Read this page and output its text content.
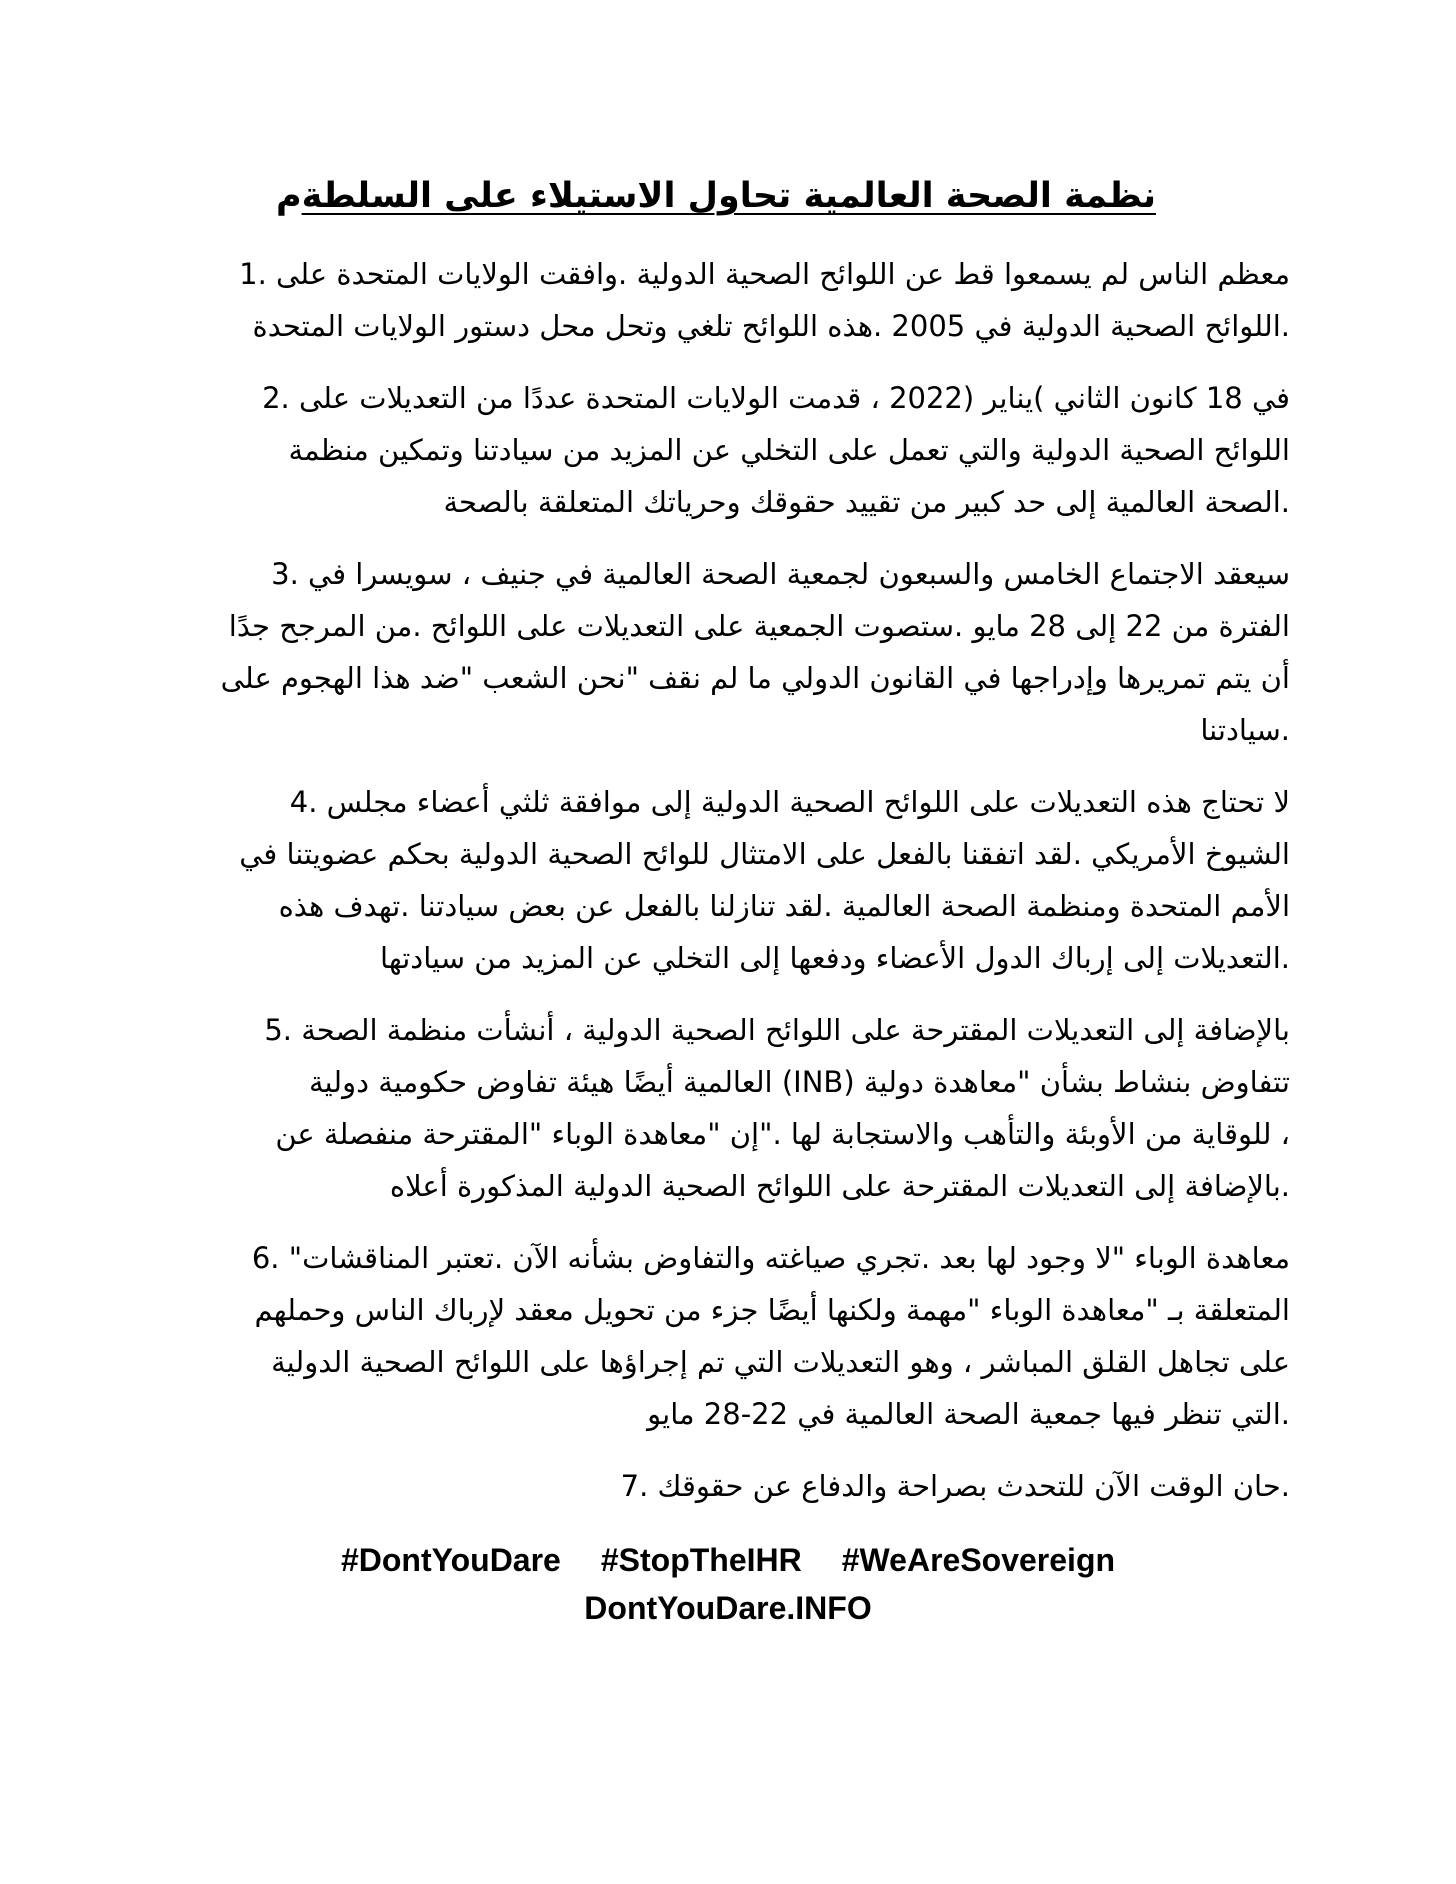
نظمة الصحة العالمية تحاول الاستيلاء على السلطةم
معظم الناس لم يسمعوا قط عن اللوائح الصحية الدولية .وافقت الولايات المتحدة على .1
.اللوائح الصحية الدولية في 2005 .هذه اللوائح تلغي وتحل محل دستور الولايات المتحدة
في 18 كانون الثاني )يناير (2022 ، قدمت الولايات المتحدة عددًا من التعديلات على .2
اللوائح الصحية الدولية والتي تعمل على التخلي عن المزيد من سيادتنا وتمكين منظمة
.الصحة العالمية إلى حد كبير من تقييد حقوقك وحرياتك المتعلقة بالصحة
سيعقد الاجتماع الخامس والسبعون لجمعية الصحة العالمية في جنيف ، سويسرا في .3
الفترة من 22 إلى 28 مايو .ستصوت الجمعية على التعديلات على اللوائح .من المرجح جدًا
أن يتم تمريرها وإدراجها في القانون الدولي ما لم نقف "نحن الشعب "ضد هذا الهجوم على
.سيادتنا
لا تحتاج هذه التعديلات على اللوائح الصحية الدولية إلى موافقة ثلثي أعضاء مجلس .4
الشيوخ الأمريكي .لقد اتفقنا بالفعل على الامتثال للوائح الصحية الدولية بحكم عضويتنا في
الأمم المتحدة ومنظمة الصحة العالمية .لقد تنازلنا بالفعل عن بعض سيادتنا .تهدف هذه
.التعديلات إلى إرباك الدول الأعضاء ودفعها إلى التخلي عن المزيد من سيادتها
بالإضافة إلى التعديلات المقترحة على اللوائح الصحية الدولية ، أنشأت منظمة الصحة .5
تتفاوض بنشاط بشأن "معاهدة دولية (INB) العالمية أيضًا هيئة تفاوض حكومية دولية
، للوقاية من الأوبئة والتأهب والاستجابة لها ."إن "معاهدة الوباء "المقترحة منفصلة عن
.بالإضافة إلى التعديلات المقترحة على اللوائح الصحية الدولية المذكورة أعلاه
معاهدة الوباء "لا وجود لها بعد .تجري صياغته والتفاوض بشأنه الآن .تعتبر المناقشات" .6
المتعلقة بـ "معاهدة الوباء "مهمة ولكنها أيضًا جزء من تحويل معقد لإرباك الناس وحملهم
على تجاهل القلق المباشر ، وهو التعديلات التي تم إجراؤها على اللوائح الصحية الدولية
.التي تنظر فيها جمعية الصحة العالمية في 22-28 مايو
.حان الوقت الآن للتحدث بصراحة والدفاع عن حقوقك .7
#DontYouDare #StopTheIHR #WeAreSovereign
DontYouDare.INFO
